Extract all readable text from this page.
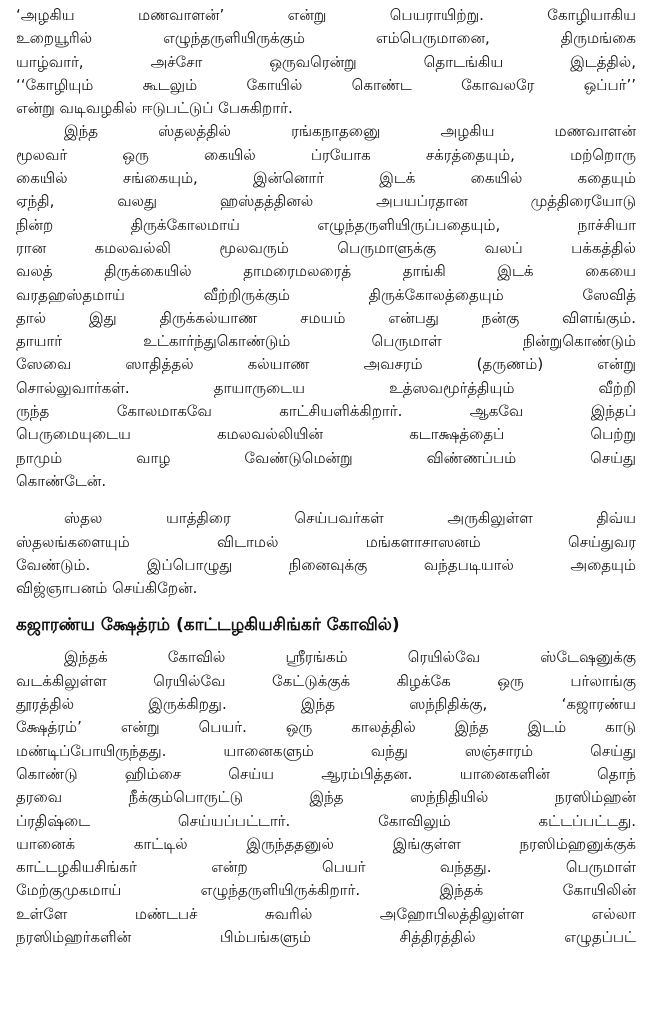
‘அழகிய மணவாளன்’ என்று பெயராயிற்று. கோழியாகிய
உறையூரில் எழுந்தருளியிருக்கும் எம்பெருமானை, திருமங்கை
யாழ்வார், அச்சோ ஒருவரென்று தொடங்கிய இடத்தில்,
‘‘கோழியும் கூடலும் கோயில் கொண்ட கோவலரே ஒப்பர்’’
என்று வடிவழகில் ஈடுபட்டுப் பேசுகிறார்.
இந்த ஸ்தலத்தில் ரங்கநாதனுை அழகிய மணவாளன்
மூலவர் ஒரு கையில் ப்ரயோக சக்ரத்தையும், மற்றொரு
கையில் சங்கையும், இன்னொர் இடக் கையில் கதையும்
ஏந்தி, வலது ஹஸ்தத்தினல் அபயப்ரதான முத்திரையோடு
நின்ற திருக்கோலமாய் எழுந்தருளியிருப்பதையும், நாச்சியா
ரான கமலவல்லி மூலவரும் பெருமாளுக்கு வலப் பக்கத்தில்
வலத் திருக்கையில் தாமரைமலரைத் தாங்கி இடக் கையை
வரதஹஸ்தமாய் வீற்றிருக்கும் திருக்கோலத்தையும் ஸேவித்
தால் இது திருக்கல்யாண சமயம் என்பது நன்கு விளங்கும்.
தாயார் உட்கார்ந்துகொண்டும் பெருமாள் நின்றுகொண்டும்
ஸேவை ஸாதித்தல் கல்யாண அவசரம் (தருணம்) என்று
சொல்லுவார்கள். தாயாருடைய உத்ஸவமூர்த்தியும் வீற்றி
ருந்த கோலமாகவே காட்சியளிக்கிறார். ஆகவே இந்தப்
பெருமையுடைய கமலவல்லியின் கடாக்ஷத்தைப் பெற்று
நாமும் வாழ வேண்டுமென்று விண்ணப்பம் செய்து
கொண்டேன்.
ஸ்தல யாத்திரை செய்பவர்கள் அருகிலுள்ள திவ்ய
ஸ்தலங்களையும் விடாமல் மங்களாசாஸனம் செய்துவர
வேண்டும். இப்பொழுது நினைவுக்கு வந்தபடியால் அதையும்
விஜ்ஞாபனம் செய்கிறேன்.
கஜாரண்ய க்ஷேத்ரம் (காட்டழகியசிங்கர் கோவில்)
இந்தக் கோவில் ஸ்ரீரங்கம் ரெயில்வே ஸ்டேஷனுக்கு
வடக்கிலுள்ள ரெயில்வே கேட்டுக்குக் கிழக்கே ஒரு பர்லாங்கு
தூரத்தில் இருக்கிறது. இந்த ஸந்நிதிக்கு, ‘கஜாரண்ய
க்ஷேத்ரம்’ என்று பெயர். ஒரு காலத்தில் இந்த இடம் காடு
மண்டிப்போயிருந்தது. யானைகளும் வந்து ஸஞ்சாரம் செய்து
கொண்டு ஹிம்சை செய்ய ஆரம்பித்தன. யானைகளின் தொந்
தரவை நீக்கும்பொருட்டு இந்த ஸந்நிதியில் நரஸிம்ஹன்
ப்ரதிஷ்டை செய்யப்பட்டார். கோவிலும் கட்டப்பட்டது.
யானைக் காட்டில் இருந்ததனுல் இங்குள்ள நரஸிம்ஹனுக்குக்
காட்டழகியசிங்கர் என்ற பெயர் வந்தது. பெருமாள்
மேற்குமுகமாய் எழுந்தருளியிருக்கிறார். இந்தக் கோயிலின்
உள்ளே மண்டபச் சுவரில் அஹோபிலத்திலுள்ள எல்லா
நரஸிம்ஹர்களின் பிம்பங்களும் சித்திரத்தில் எழுதப்பட்
